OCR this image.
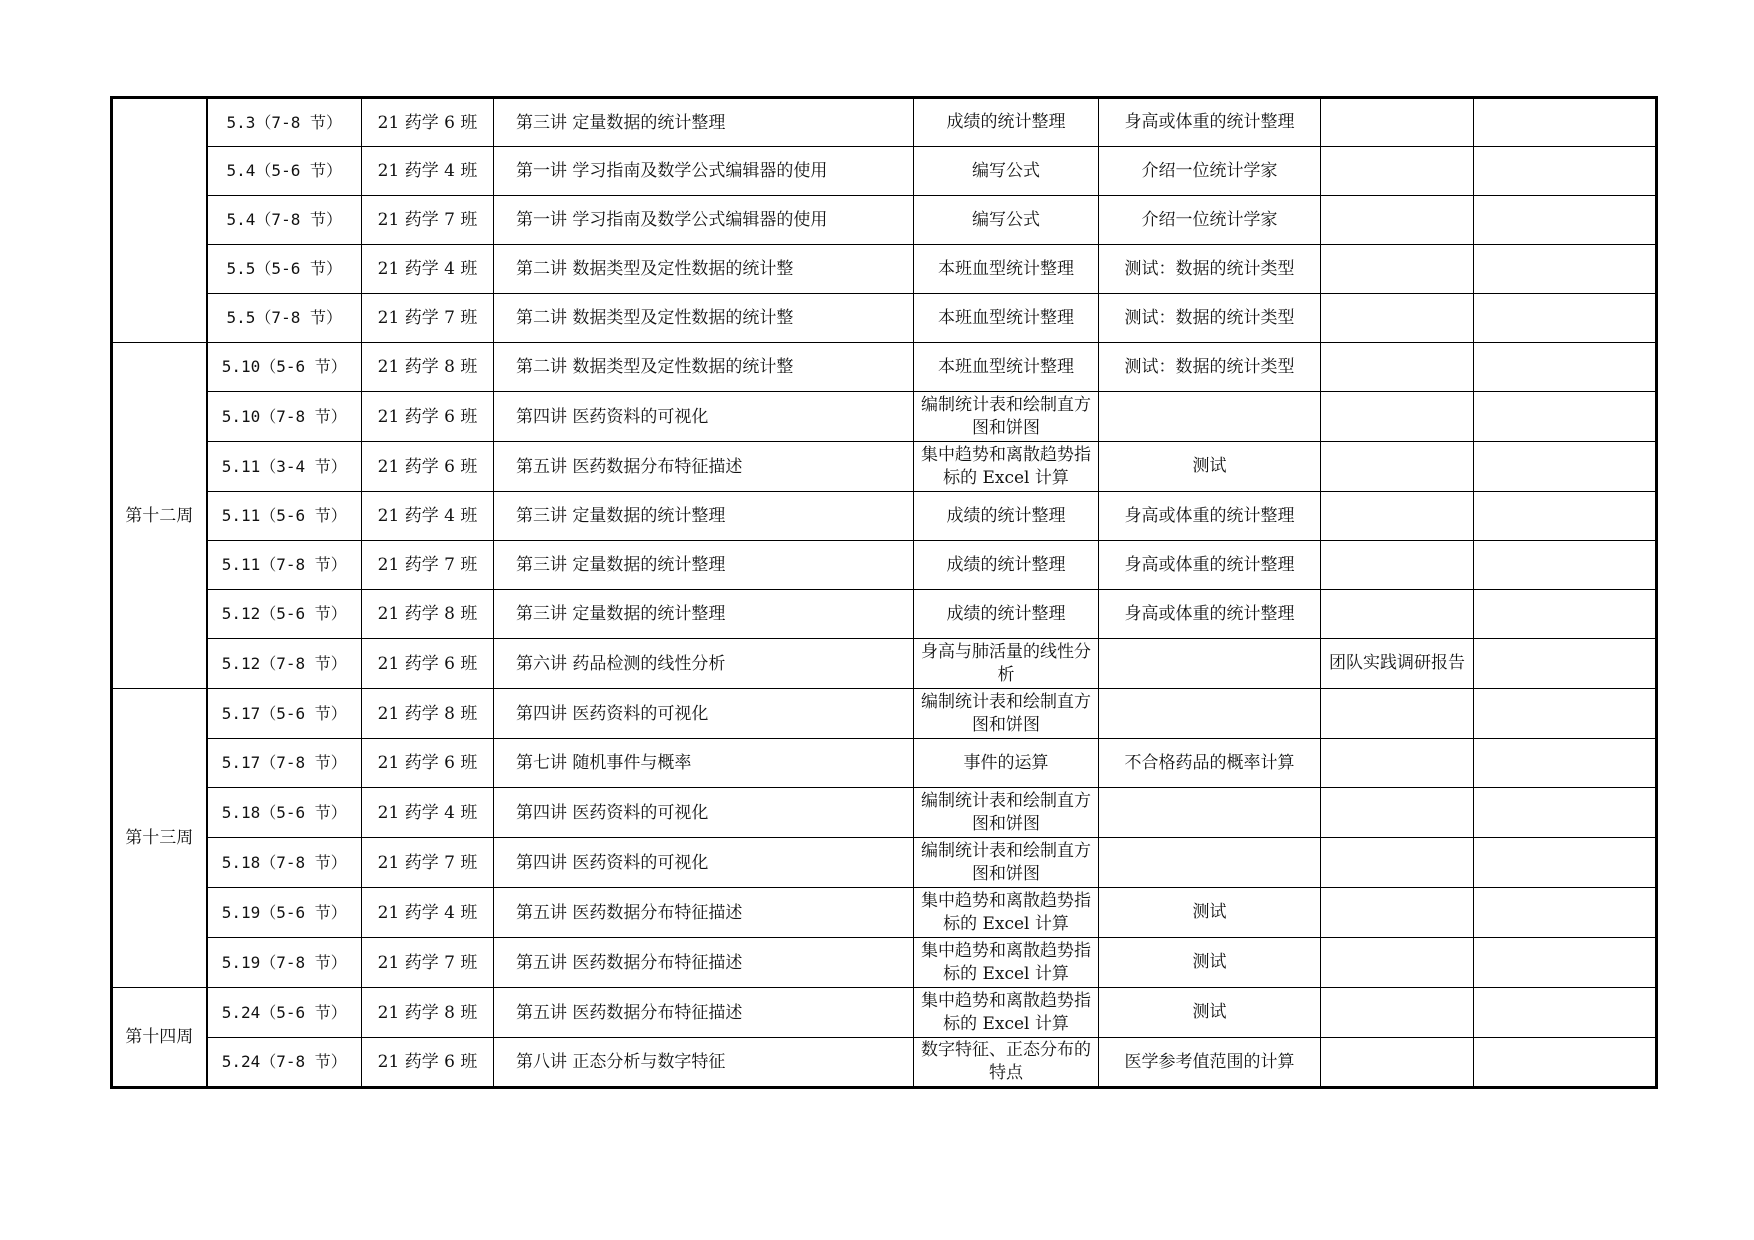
	5.3（7-8 节）	21 药学 6 班	第三讲 定量数据的统计整理	成绩的统计整理	身高或体重的统计整理		
	5.4（5-6 节）	21 药学 4 班	第一讲 学习指南及数学公式编辑器的使用	编写公式	介绍一位统计学家		
	5.4（7-8 节）	21 药学 7 班	第一讲 学习指南及数学公式编辑器的使用	编写公式	介绍一位统计学家		
	5.5（5-6 节）	21 药学 4 班	第二讲 数据类型及定性数据的统计整	本班血型统计整理	测试：数据的统计类型		
	5.5（7-8 节）	21 药学 7 班	第二讲 数据类型及定性数据的统计整	本班血型统计整理	测试：数据的统计类型		
第十二周	5.10（5-6 节）	21 药学 8 班	第二讲 数据类型及定性数据的统计整	本班血型统计整理	测试：数据的统计类型		
	5.10（7-8 节）	21 药学 6 班	第四讲 医药资料的可视化	编制统计表和绘制直方图和饼图			
	5.11（3-4 节）	21 药学 6 班	第五讲 医药数据分布特征描述	集中趋势和离散趋势指标的 Excel 计算	测试		
	5.11（5-6 节）	21 药学 4 班	第三讲 定量数据的统计整理	成绩的统计整理	身高或体重的统计整理		
	5.11（7-8 节）	21 药学 7 班	第三讲 定量数据的统计整理	成绩的统计整理	身高或体重的统计整理		
	5.12（5-6 节）	21 药学 8 班	第三讲 定量数据的统计整理	成绩的统计整理	身高或体重的统计整理		
	5.12（7-8 节）	21 药学 6 班	第六讲 药品检测的线性分析	身高与肺活量的线性分析		团队实践调研报告	
第十三周	5.17（5-6 节）	21 药学 8 班	第四讲 医药资料的可视化	编制统计表和绘制直方图和饼图			
	5.17（7-8 节）	21 药学 6 班	第七讲 随机事件与概率	事件的运算	不合格药品的概率计算		
	5.18（5-6 节）	21 药学 4 班	第四讲 医药资料的可视化	编制统计表和绘制直方图和饼图			
	5.18（7-8 节）	21 药学 7 班	第四讲 医药资料的可视化	编制统计表和绘制直方图和饼图			
	5.19（5-6 节）	21 药学 4 班	第五讲 医药数据分布特征描述	集中趋势和离散趋势指标的 Excel 计算	测试		
	5.19（7-8 节）	21 药学 7 班	第五讲 医药数据分布特征描述	集中趋势和离散趋势指标的 Excel 计算	测试		
第十四周	5.24（5-6 节）	21 药学 8 班	第五讲 医药数据分布特征描述	集中趋势和离散趋势指标的 Excel 计算	测试		
	5.24（7-8 节）	21 药学 6 班	第八讲 正态分析与数字特征	数字特征、正态分布的特点	医学参考值范围的计算		
